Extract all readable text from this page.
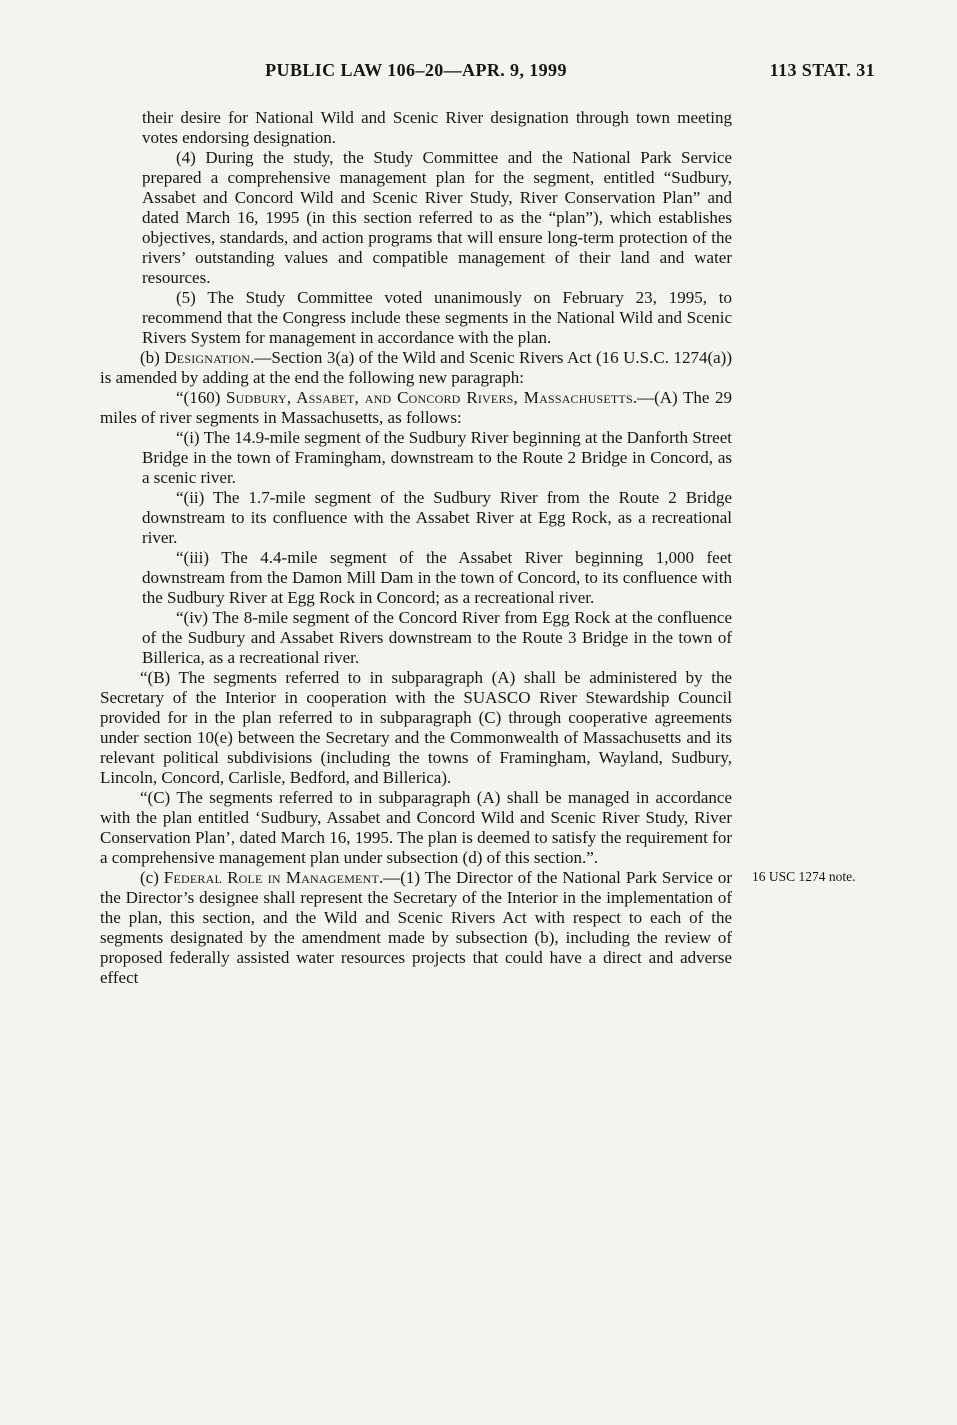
PUBLIC LAW 106–20—APR. 9, 1999	113 STAT. 31

their desire for National Wild and Scenic River designation through town meeting votes endorsing designation.

(4) During the study, the Study Committee and the National Park Service prepared a comprehensive management plan for the segment, entitled “Sudbury, Assabet and Concord Wild and Scenic River Study, River Conservation Plan” and dated March 16, 1995 (in this section referred to as the “plan”), which establishes objectives, standards, and action programs that will ensure long-term protection of the rivers’ outstanding values and compatible management of their land and water resources.

(5) The Study Committee voted unanimously on February 23, 1995, to recommend that the Congress include these segments in the National Wild and Scenic Rivers System for management in accordance with the plan.

(b) Designation.—Section 3(a) of the Wild and Scenic Rivers Act (16 U.S.C. 1274(a)) is amended by adding at the end the following new paragraph:

“(160) Sudbury, Assabet, and Concord Rivers, Massachusetts.—(A) The 29 miles of river segments in Massachusetts, as follows:

“(i) The 14.9-mile segment of the Sudbury River beginning at the Danforth Street Bridge in the town of Framingham, downstream to the Route 2 Bridge in Concord, as a scenic river.

“(ii) The 1.7-mile segment of the Sudbury River from the Route 2 Bridge downstream to its confluence with the Assabet River at Egg Rock, as a recreational river.

“(iii) The 4.4-mile segment of the Assabet River beginning 1,000 feet downstream from the Damon Mill Dam in the town of Concord, to its confluence with the Sudbury River at Egg Rock in Concord; as a recreational river.

“(iv) The 8-mile segment of the Concord River from Egg Rock at the confluence of the Sudbury and Assabet Rivers downstream to the Route 3 Bridge in the town of Billerica, as a recreational river.

“(B) The segments referred to in subparagraph (A) shall be administered by the Secretary of the Interior in cooperation with the SUASCO River Stewardship Council provided for in the plan referred to in subparagraph (C) through cooperative agreements under section 10(e) between the Secretary and the Commonwealth of Massachusetts and its relevant political subdivisions (including the towns of Framingham, Wayland, Sudbury, Lincoln, Concord, Carlisle, Bedford, and Billerica).

“(C) The segments referred to in subparagraph (A) shall be managed in accordance with the plan entitled ‘Sudbury, Assabet and Concord Wild and Scenic River Study, River Conservation Plan’, dated March 16, 1995. The plan is deemed to satisfy the requirement for a comprehensive management plan under subsection (d) of this section.”.

(c) Federal Role in Management.—(1) The Director of the National Park Service or the Director’s designee shall represent the Secretary of the Interior in the implementation of the plan, this section, and the Wild and Scenic Rivers Act with respect to each of the segments designated by the amendment made by subsection (b), including the review of proposed federally assisted water resources projects that could have a direct and adverse effect
16 USC 1274 note.
